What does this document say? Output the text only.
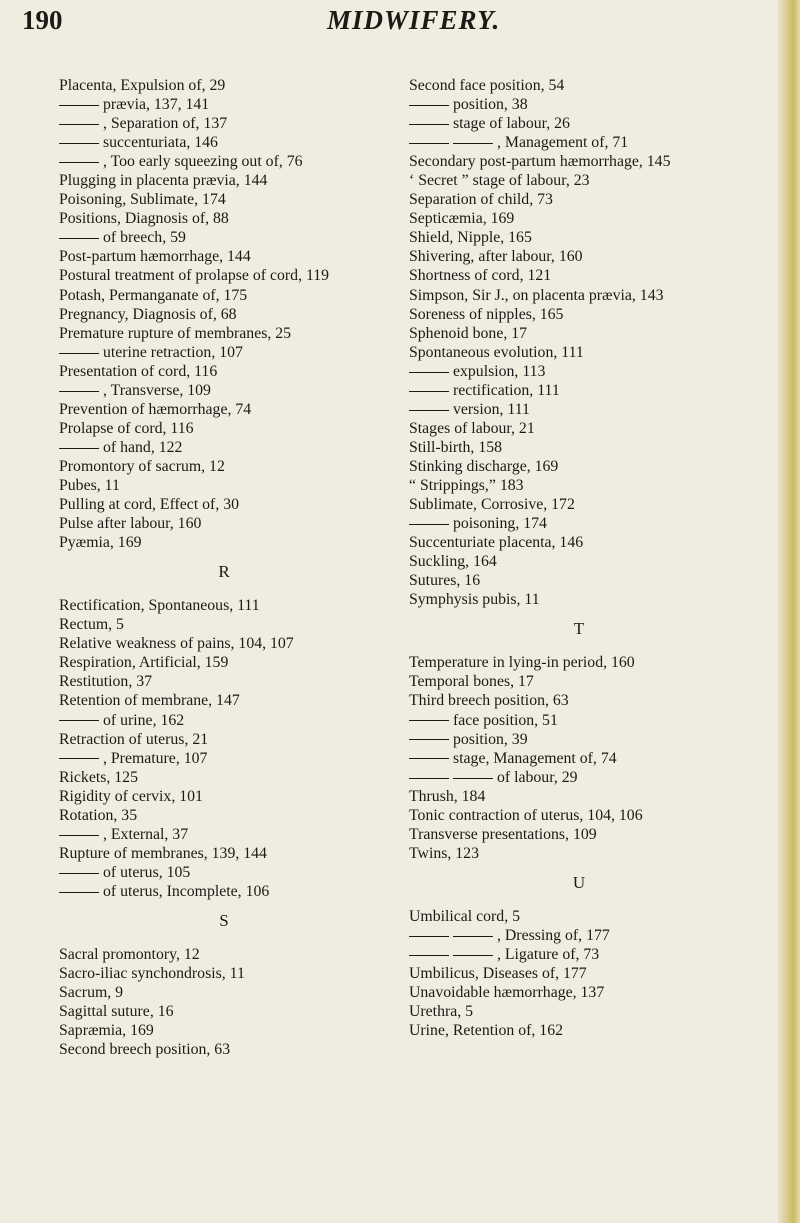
190	MIDWIFERY.
Placenta, Expulsion of, 29
prævia, 137, 141
, Separation of, 137
succenturiata, 146
, Too early squeezing out of, 76
Plugging in placenta prævia, 144
Poisoning, Sublimate, 174
Positions, Diagnosis of, 88
of breech, 59
Post-partum hæmorrhage, 144
Postural treatment of prolapse of cord, 119
Potash, Permanganate of, 175
Pregnancy, Diagnosis of, 68
Premature rupture of membranes, 25
uterine retraction, 107
Presentation of cord, 116
, Transverse, 109
Prevention of hæmorrhage, 74
Prolapse of cord, 116
of hand, 122
Promontory of sacrum, 12
Pubes, 11
Pulling at cord, Effect of, 30
Pulse after labour, 160
Pyæmia, 169
R
Rectification, Spontaneous, 111
Rectum, 5
Relative weakness of pains, 104, 107
Respiration, Artificial, 159
Restitution, 37
Retention of membrane, 147
of urine, 162
Retraction of uterus, 21
, Premature, 107
Rickets, 125
Rigidity of cervix, 101
Rotation, 35
, External, 37
Rupture of membranes, 139, 144
of uterus, 105
of uterus, Incomplete, 106
S
Sacral promontory, 12
Sacro-iliac synchondrosis, 11
Sacrum, 9
Sagittal suture, 16
Sapræmia, 169
Second breech position, 63
Second face position, 54
position, 38
stage of labour, 26
, Management of, 71
Secondary post-partum hæmorrhage, 145
‘ Secret ” stage of labour, 23
Separation of child, 73
Septicæmia, 169
Shield, Nipple, 165
Shivering, after labour, 160
Shortness of cord, 121
Simpson, Sir J., on placenta prævia, 143
Soreness of nipples, 165
Sphenoid bone, 17
Spontaneous evolution, 111
expulsion, 113
rectification, 111
version, 111
Stages of labour, 21
Still-birth, 158
Stinking discharge, 169
“ Strippings,” 183
Sublimate, Corrosive, 172
poisoning, 174
Succenturiate placenta, 146
Suckling, 164
Sutures, 16
Symphysis pubis, 11
T
Temperature in lying-in period, 160
Temporal bones, 17
Third breech position, 63
face position, 51
position, 39
stage, Management of, 74
of labour, 29
Thrush, 184
Tonic contraction of uterus, 104, 106
Transverse presentations, 109
Twins, 123
U
Umbilical cord, 5
, Dressing of, 177
, Ligature of, 73
Umbilicus, Diseases of, 177
Unavoidable hæmorrhage, 137
Urethra, 5
Urine, Retention of, 162
